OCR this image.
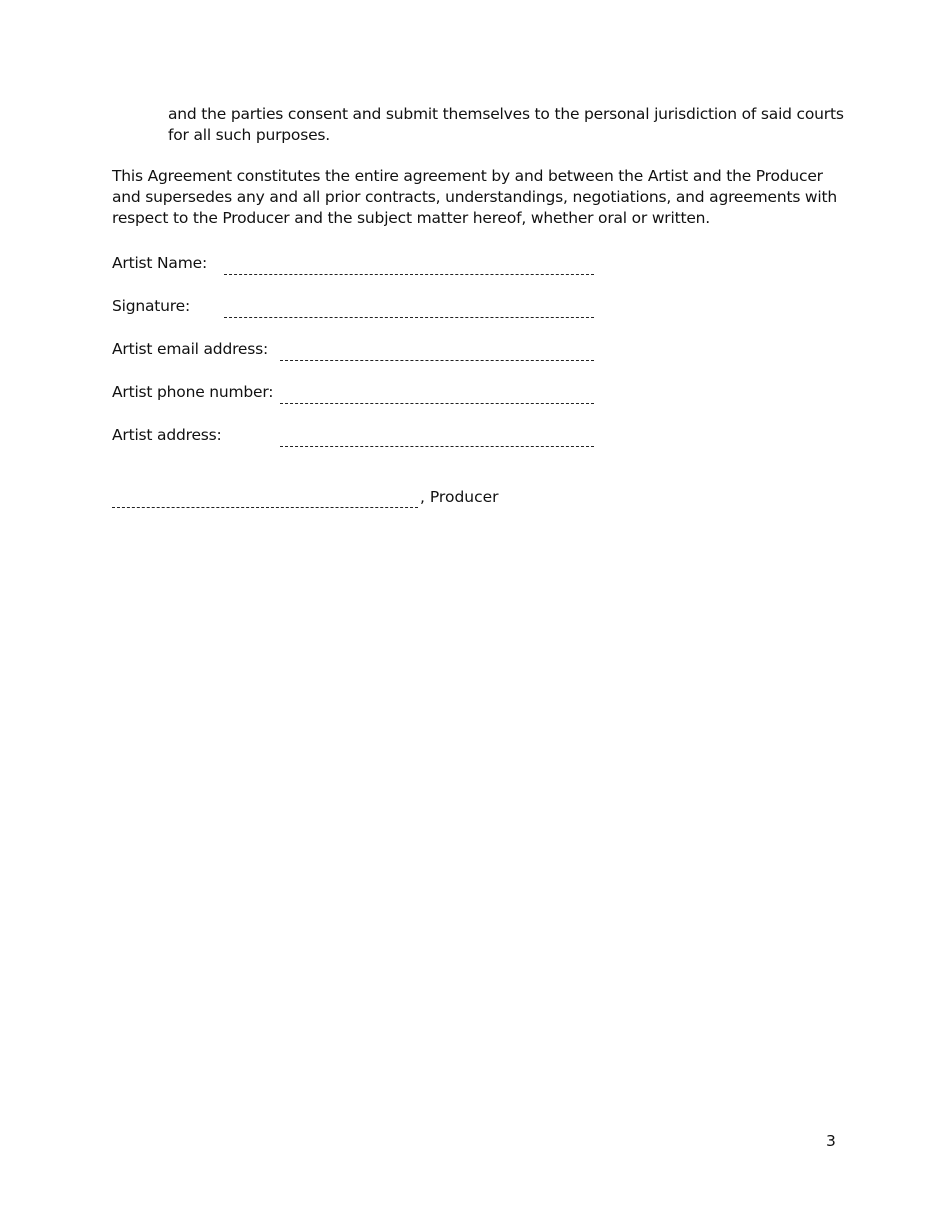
and the parties consent and submit themselves to the personal jurisdiction of said courts for all such purposes.
This Agreement constitutes the entire agreement by and between the Artist and the Producer and supersedes any and all prior contracts, understandings, negotiations, and agreements with respect to the Producer and the subject matter hereof, whether oral or written.
Artist Name:
Signature:
Artist email address:
Artist phone number:
Artist address:
, Producer
3
